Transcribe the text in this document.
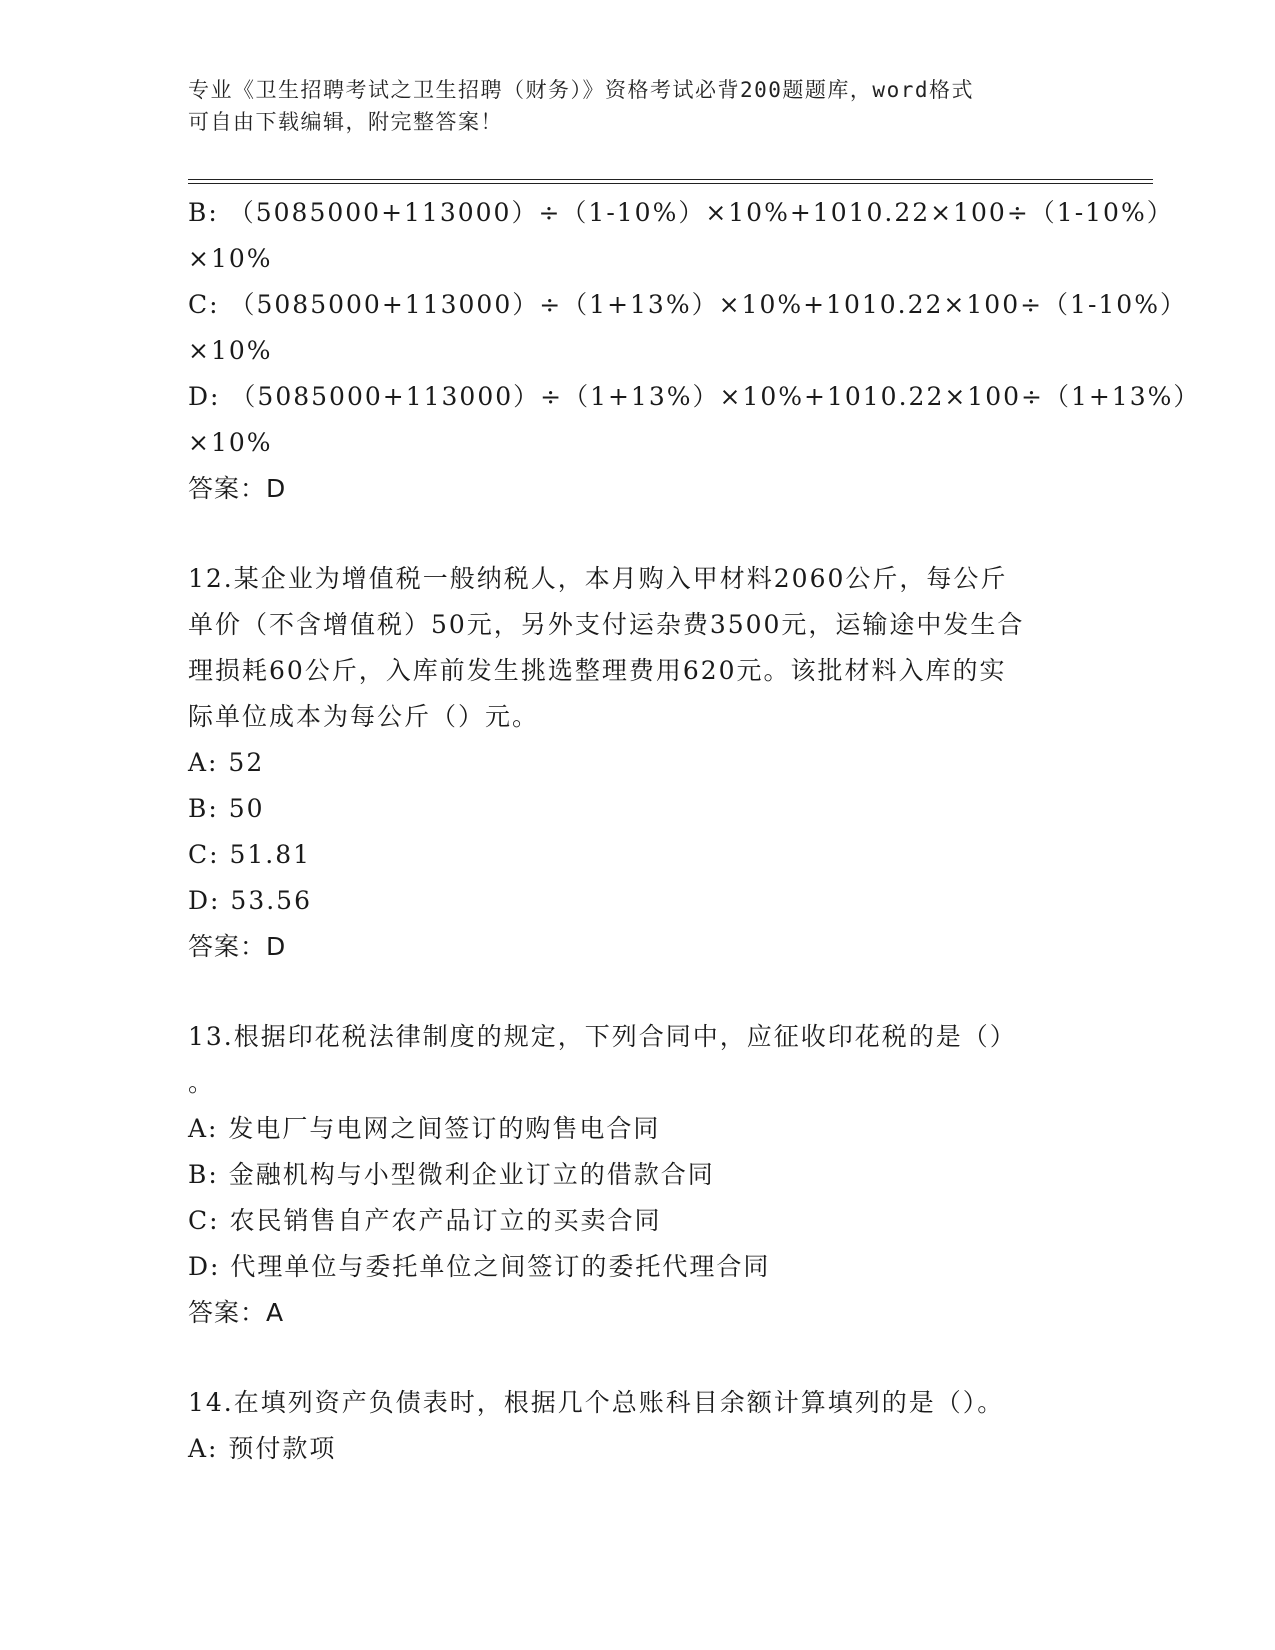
专业《卫生招聘考试之卫生招聘（财务）》资格考试必背200题题库，word格式
可自由下载编辑，附完整答案！
B: （5085000+113000）÷（1-10%）×10%+1010.22×100÷（1-10%）
×10%
C: （5085000+113000）÷（1+13%）×10%+1010.22×100÷（1-10%）
×10%
D: （5085000+113000）÷（1+13%）×10%+1010.22×100÷（1+13%）
×10%
答案：D
12.某企业为增值税一般纳税人，本月购入甲材料2060公斤，每公斤
单价（不含增值税）50元，另外支付运杂费3500元，运输途中发生合
理损耗60公斤，入库前发生挑选整理费用620元。该批材料入库的实
际单位成本为每公斤（）元。
A: 52
B: 50
C: 51.81
D: 53.56
答案：D
13.根据印花税法律制度的规定，下列合同中，应征收印花税的是（）
。
A: 发电厂与电网之间签订的购售电合同
B: 金融机构与小型微利企业订立的借款合同
C: 农民销售自产农产品订立的买卖合同
D: 代理单位与委托单位之间签订的委托代理合同
答案：A
14.在填列资产负债表时，根据几个总账科目余额计算填列的是（）。
A: 预付款项
